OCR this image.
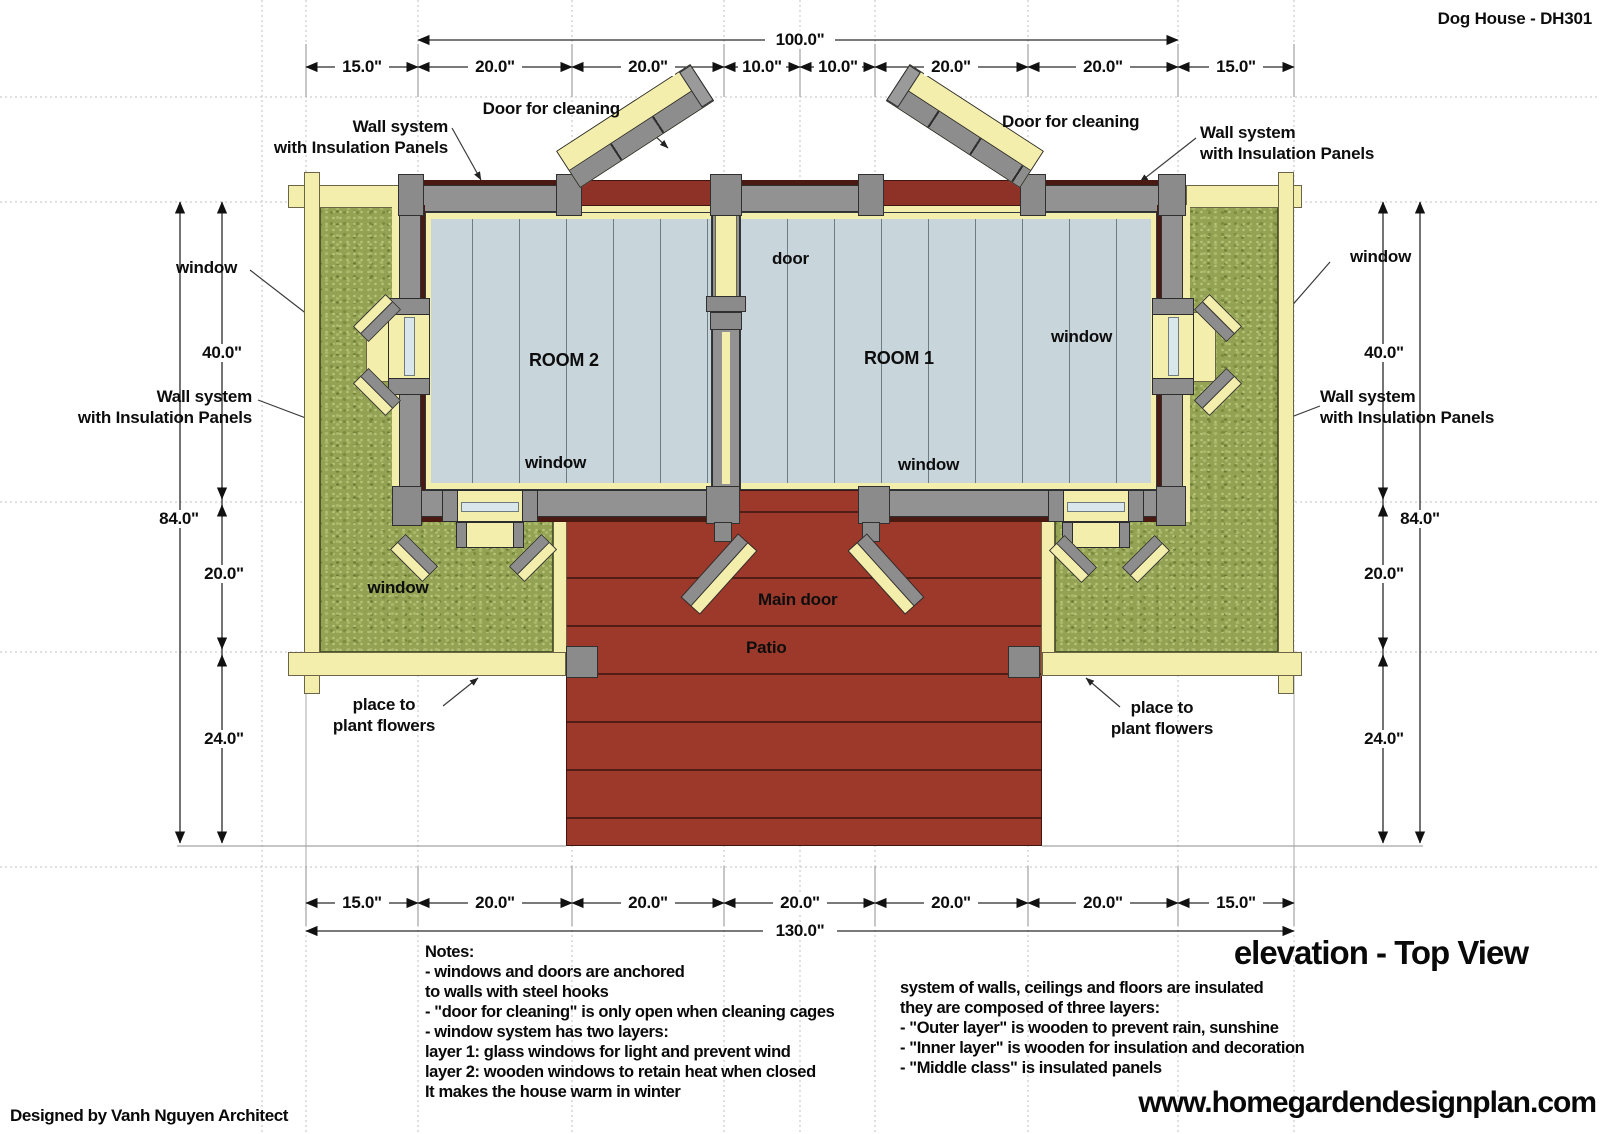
Dog House - DH301
Door for cleaning
Door for cleaning
Wall system
with Insulation Panels
Wall system
with Insulation Panels
Wall system
with Insulation Panels
Wall system
with Insulation Panels
window
window
window
window
window
window
door
ROOM 2	ROOM 1
Main door
Patio
place to
plant flowers
place to
plant flowers
100.0"
15.0"	20.0"	20.0"	10.0" 10.0"	20.0"	20.0"	15.0"
15.0"	20.0"	20.0"	20.0"	20.0"	20.0"	15.0"
130.0"
40.0"
84.0"
20.0"
24.0"
40.0"
84.0"
20.0"
24.0"
Notes:
- windows and doors are anchored
to walls with steel hooks
- "door for cleaning" is only open when cleaning cages
- window system has two layers:
layer 1: glass windows for light and prevent wind
layer 2: wooden windows to retain heat when closed
It makes the house warm in winter
elevation - Top View
system of walls, ceilings and floors are insulated
they are composed of three layers:
- "Outer layer" is wooden to prevent rain, sunshine
- "Inner layer" is wooden for insulation and decoration
- "Middle class" is insulated panels
www.homegardendesignplan.com
Designed by Vanh Nguyen Architect
